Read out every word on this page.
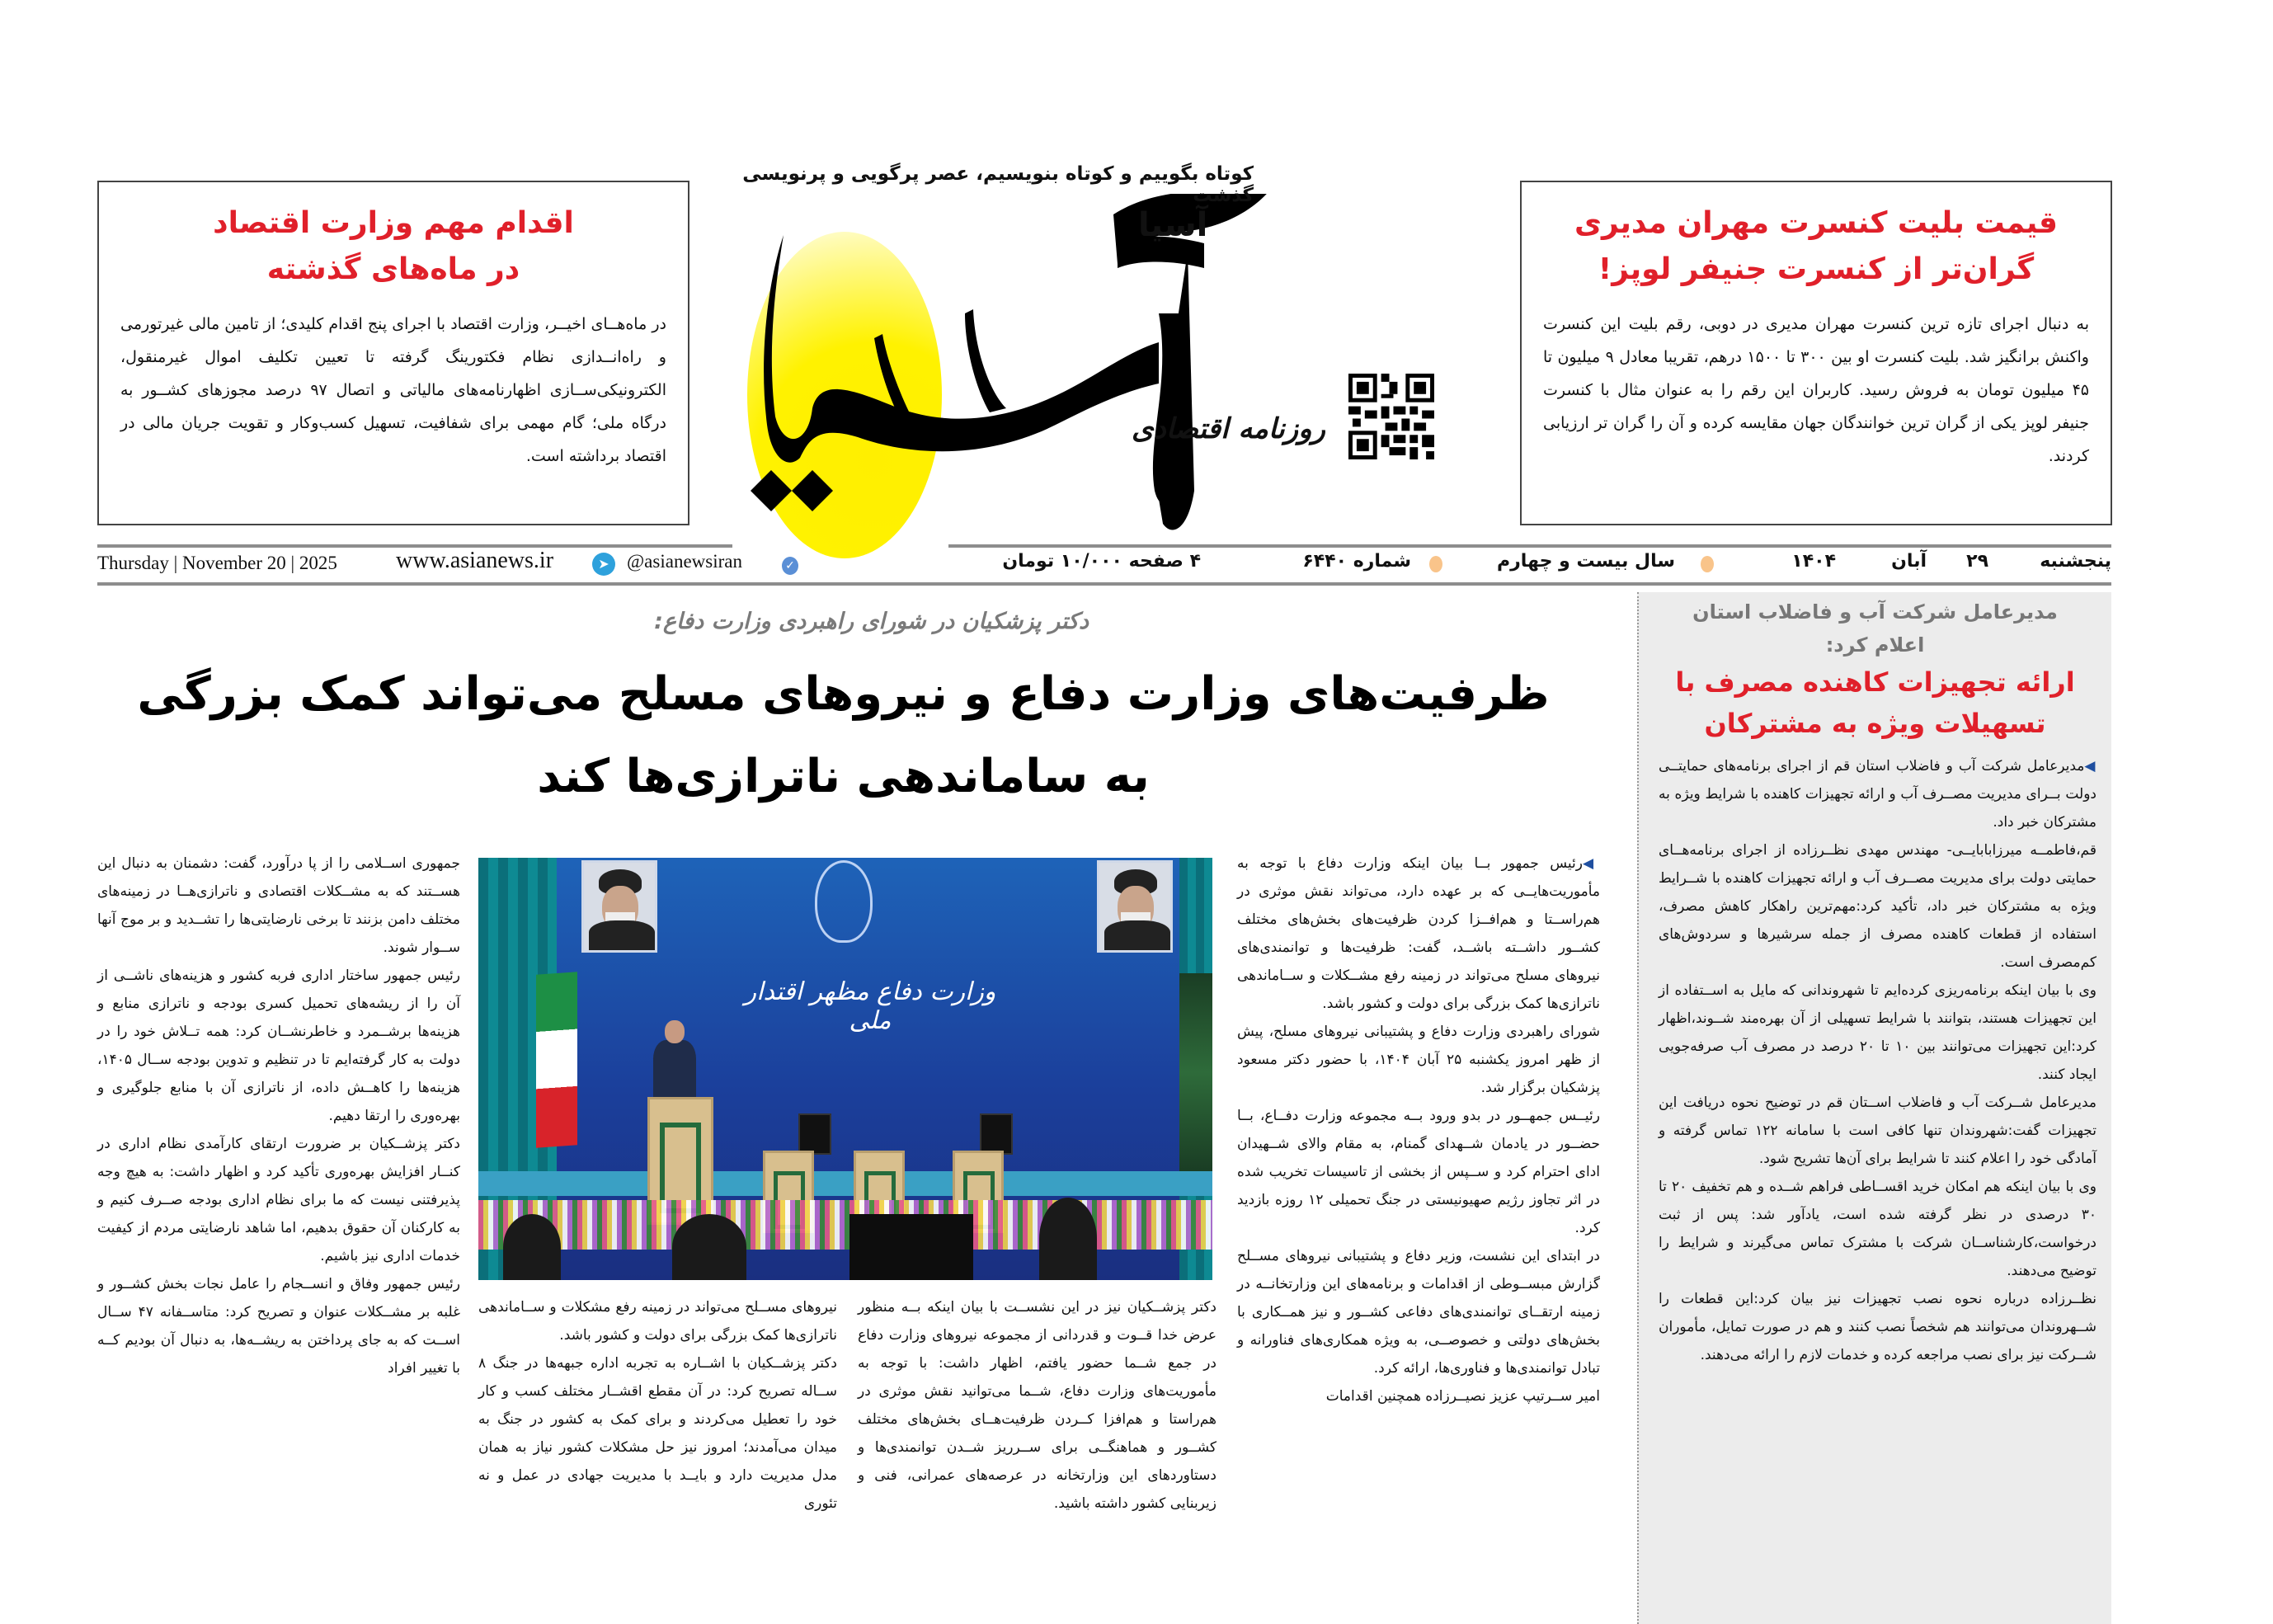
اقدام مهم وزارت اقتصاد در ماه‌های گذشته

در ماه‌هــای اخیــر، وزارت اقتصاد با اجرای پنج اقدام کلیدی؛ از تامین مالی غیرتورمی و راه‌انــدازی نظام فکتورینگ گرفته تا تعیین تکلیف اموال غیرمنقول، الکترونیکی‌ســازی اظهارنامه‌های مالیاتی و اتصال ۹۷ درصد مجوزهای کشــور به درگاه ملی؛ گام مهمی برای شفافیت، تسهیل کسب‌وکار و تقویت جریان مالی در اقتصاد برداشته است.

قیمت بلیت کنسرت مهران مدیری گران‌تر از کنسرت جنیفر لوپز!

به دنبال اجرای تازه ترین کنسرت مهران مدیری در دوبی، رقم بلیت این کنسرت واکنش برانگیز شد. بلیت کنسرت او بین ۳۰۰ تا ۱۵۰۰ درهم، تقریبا معادل ۹ میلیون تا ۴۵ میلیون تومان به فروش رسید. کاربران این رقم را به عنوان مثال با کنسرت جنیفر لوپز یکی از گران ترین خوانندگان جهان مقایسه کرده و آن را گران تر ارزیابی کردند.

کوتاه بگوییم و کوتاه بنویسیم، عصر پرگویی و پرنویسی گذشت
آسیا
روزنامه اقتصادی
پنجشنبه
۲۹
آبان
۱۴۰۴
سال بیست و چهارم
شماره ۶۴۴۰
۴ صفحه ۱۰/۰۰۰ تومان
✓
@asianewsiran
➤
www.asianews.ir
Thursday | November 20 | 2025
مدیرعامل شرکت آب و فاضلاب استان اعلام کرد:
ارائه تجهیزات کاهنده مصرف با تسهیلات ویژه به مشترکان

◀مدیرعامل شرکت آب و فاضلاب استان قم از اجرای برنامه‌های حمایتــی دولت بــرای مدیریت مصــرف آب و ارائه تجهیزات کاهنده با شرایط ویژه به مشترکان خبر داد.

قم،فاطمــه میرزابابایــی- مهندس مهدی نظــرزاده از اجرای برنامه‌هــای حمایتی دولت برای مدیریت مصــرف آب و ارائه تجهیزات کاهنده با شــرایط ویژه به مشترکان خبر داد، تأکید کرد:مهم‌ترین راهکار کاهش مصرف، استفاده از قطعات کاهنده مصرف از جمله سرشیرها و سردوش‌های کم‌مصرف است.

وی با بیان اینکه برنامه‌ریزی کرده‌ایم تا شهروندانی که مایل به اســتفاده از این تجهیزات هستند، بتوانند با شرایط تسهیلی از آن بهره‌مند شــوند،اظهار کرد:این تجهیزات می‌توانند بین ۱۰ تا ۲۰ درصد در مصرف آب صرفه‌جویی ایجاد کنند.

مدیرعامل شــرکت آب و فاضلاب اســتان قم در توضیح نحوه دریافت این تجهیزات گفت:شهروندان تنها کافی است با سامانه ۱۲۲ تماس گرفته و آمادگی خود را اعلام کنند تا شرایط برای آن‌ها تشریح شود.

وی با بیان اینکه هم امکان خرید اقســاطی فراهم شــده و هم تخفیف ۲۰ تا ۳۰ درصدی در نظر گرفته شده است، یادآور شد: پس از ثبت درخواست،کارشناســان شرکت با مشترک تماس می‌گیرند و شرایط را توضیح می‌دهند.

نظــرزاده درباره نحوه نصب تجهیزات نیز بیان کرد:این قطعات را شــهروندان می‌توانند هم شخصاً نصب کنند و هم در صورت تمایل، مأموران شــرکت نیز برای نصب مراجعه کرده و خدمات لازم را ارائه می‌دهند.

دکتر پزشکیان در شورای راهبردی وزارت دفاع:
ظرفیت‌های وزارت دفاع و نیروهای مسلح می‌تواند کمک بزرگی
به ساماندهی ناترازی‌ها کند

◀رئیس جمهور بــا بیان اینکه وزارت دفاع با توجه به مأموریت‌هایــی که بر عهده دارد، می‌تواند نقش موثری در هم‌راســتا و هم‌افــزا کردن ظرفیت‌های بخش‌های مختلف کشــور داشــته باشــد، گفت: ظرفیت‌ها و توانمندی‌های نیروهای مسلح می‌تواند در زمینه رفع مشــکلات و ســاماندهی ناترازی‌ها کمک بزرگی برای دولت و کشور باشد.

شورای راهبردی وزارت دفاع و پشتیبانی نیروهای مسلح، پیش از ظهر امروز یکشنبه ۲۵ آبان ۱۴۰۴، با حضور دکتر مسعود پزشکیان برگزار شد.

رئیــس جمهــور در بدو ورود بــه مجموعه وزارت دفــاع، بــا حضــور در یادمان شــهدای گمنام، به مقام والای شــهیدان ادای احترام کرد و ســپس از بخشی از تاسیسات تخریب شده در اثر تجاوز رژیم صهیونیستی در جنگ تحمیلی ۱۲ روزه بازدید کرد.

در ابتدای این نشست، وزیر دفاع و پشتیبانی نیروهای مســلح گزارش مبســوطی از اقدامات و برنامه‌های این وزارتخانــه در زمینه ارتقــای توانمندی‌های دفاعی کشــور و نیز همــکاری با بخش‌های دولتی و خصوصــی، به ویژه همکاری‌های فناورانه و تبادل توانمندی‌ها و فناوری‌ها، ارائه کرد.

امیر ســرتیپ عزیز نصیــرزاده همچنین اقدامات

وزارت دفاع مظهر اقتدار ملی

دکتر پزشــکیان نیز در این نشســت با بیان اینکه بــه منظور عرض خدا قــوت و قدردانی از مجموعه نیروهای وزارت دفاع در جمع شــما حضور یافتم، اظهار داشت: با توجه به مأموریت‌های وزارت دفاع، شــما می‌توانید نقش موثری در هم‌راستا و هم‌افزا کــردن ظرفیت‌هــای بخش‌های مختلف کشــور و هماهنگــی برای ســرریز شــدن توانمندی‌ها و دستاوردهای این وزارتخانه در عرصه‌های عمرانی، فنی و زیربنایی کشور داشته باشید.

نیروهای مســلح می‌تواند در زمینه رفع مشکلات و ســاماندهی ناترازی‌ها کمک بزرگی برای دولت و کشور باشد.

دکتر پزشــکیان با اشــاره به تجربه اداره جبهه‌ها در جنگ ۸ ســاله تصریح کرد: در آن مقطع اقشــار مختلف کسب و کار خود را تعطیل می‌کردند و برای کمک به کشور در جنگ به میدان می‌آمدند؛ امروز نیز حل مشکلات کشور نیاز به همان مدل مدیریت دارد و بایــد با مدیریت جهادی در عمل و نه تئوری

جمهوری اســلامی را از پا درآورد، گفت: دشمنان به دنبال این هســتند که به مشــکلات اقتصادی و ناترازی‌هــا در زمینه‌های مختلف دامن بزنند تا برخی نارضایتی‌ها را تشــدید و بر موج آنها ســوار شوند.

رئیس جمهور ساختار اداری فربه کشور و هزینه‌های ناشــی از آن را از ریشه‌های تحمیل کسری بودجه و ناترازی منابع و هزینه‌ها برشــمرد و خاطرنشــان کرد: همه تــلاش خود را در دولت به کار گرفته‌ایم تا در تنظیم و تدوین بودجه ســال ۱۴۰۵، هزینه‌ها را کاهــش داده، از ناترازی آن با منابع جلوگیری و بهره‌وری را ارتقا دهیم.

دکتر پزشــکیان بر ضرورت ارتقای کارآمدی نظام اداری در کنــار افزایش بهره‌وری تأکید کرد و اظهار داشت: به هیچ وجه پذیرفتنی نیست که ما برای نظام اداری بودجه صــرف کنیم و به کارکنان آن حقوق بدهیم، اما شاهد نارضایتی مردم از کیفیت خدمات اداری نیز باشیم.

رئیس جمهور وفاق و انســجام را عامل نجات بخش کشــور و غلبه بر مشــکلات عنوان و تصریح کرد: متاســفانه ۴۷ ســال اســت که به جای پرداختن به ریشــه‌ها، به دنبال آن بودیم کــه با تغییر افراد
